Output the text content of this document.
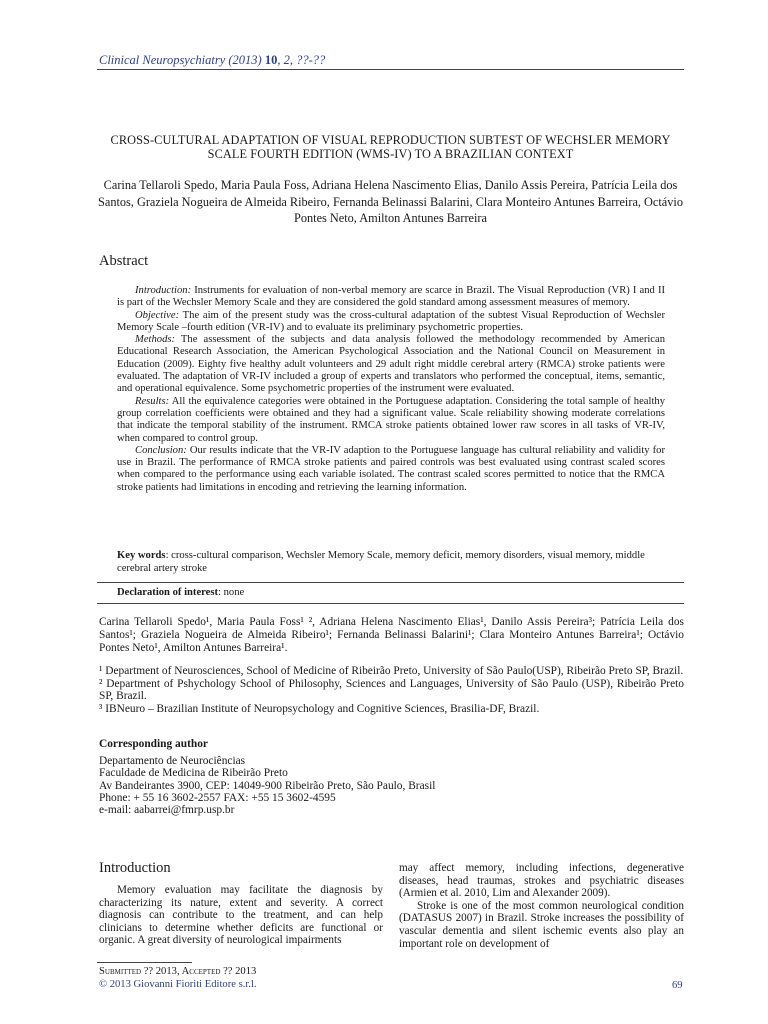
Clinical Neuropsychiatry (2013) 10, 2, ??-??
CROSS-CULTURAL ADAPTATION OF VISUAL REPRODUCTION SUBTEST OF WECHSLER MEMORY SCALE FOURTH EDITION (WMS-IV) TO A BRAZILIAN CONTEXT
Carina Tellaroli Spedo, Maria Paula Foss, Adriana Helena Nascimento Elias, Danilo Assis Pereira, Patrícia Leila dos Santos, Graziela Nogueira de Almeida Ribeiro, Fernanda Belinassi Balarini, Clara Monteiro Antunes Barreira, Octávio Pontes Neto, Amilton Antunes Barreira
Abstract

Introduction: Instruments for evaluation of non-verbal memory are scarce in Brazil. The Visual Reproduction (VR) I and II is part of the Wechsler Memory Scale and they are considered the gold standard among assessment measures of memory.

Objective: The aim of the present study was the cross-cultural adaptation of the subtest Visual Reproduction of Wechsler Memory Scale –fourth edition (VR-IV) and to evaluate its preliminary psychometric properties.

Methods: The assessment of the subjects and data analysis followed the methodology recommended by American Educational Research Association, the American Psychological Association and the National Council on Measurement in Education (2009). Eighty five healthy adult volunteers and 29 adult right middle cerebral artery (RMCA) stroke patients were evaluated. The adaptation of VR-IV included a group of experts and translators who performed the conceptual, items, semantic, and operational equivalence. Some psychometric properties of the instrument were evaluated.

Results: All the equivalence categories were obtained in the Portuguese adaptation. Considering the total sample of healthy group correlation coefficients were obtained and they had a significant value. Scale reliability showing moderate correlations that indicate the temporal stability of the instrument. RMCA stroke patients obtained lower raw scores in all tasks of VR-IV, when compared to control group.

Conclusion: Our results indicate that the VR-IV adaption to the Portuguese language has cultural reliability and validity for use in Brazil. The performance of RMCA stroke patients and paired controls was best evaluated using contrast scaled scores when compared to the performance using each variable isolated. The contrast scaled scores permitted to notice that the RMCA stroke patients had limitations in encoding and retrieving the learning information.

Key words: cross-cultural comparison, Wechsler Memory Scale, memory deficit, memory disorders, visual memory, middle cerebral artery stroke
Declaration of interest: none
Carina Tellaroli Spedo¹, Maria Paula Foss¹ ², Adriana Helena Nascimento Elias¹, Danilo Assis Pereira³; Patrícia Leila dos Santos¹; Graziela Nogueira de Almeida Ribeiro¹; Fernanda Belinassi Balarini¹; Clara Monteiro Antunes Barreira¹; Octávio Pontes Neto¹, Amilton Antunes Barreira¹.
¹ Department of Neurosciences, School of Medicine of Ribeirão Preto, University of São Paulo(USP), Ribeirão Preto SP, Brazil.
² Department of Pshychology School of Philosophy, Sciences and Languages, University of São Paulo (USP), Ribeirão Preto SP, Brazil.
³ IBNeuro – Brazilian Institute of Neuropsychology and Cognitive Sciences, Brasilia-DF, Brazil.
Corresponding author
Departamento de Neurociências
Faculdade de Medicina de Ribeirão Preto
Av Bandeirantes 3900, CEP: 14049-900 Ribeirão Preto, São Paulo, Brasil
Phone: + 55 16 3602-2557 FAX: +55 15 3602-4595
e-mail: aabarrei@fmrp.usp.br
Introduction

Memory evaluation may facilitate the diagnosis by characterizing its nature, extent and severity. A correct diagnosis can contribute to the treatment, and can help clinicians to determine whether deficits are functional or organic. A great diversity of neurological impairments

may affect memory, including infections, degenerative diseases, head traumas, strokes and psychiatric diseases (Armien et al. 2010, Lim and Alexander 2009).

Stroke is one of the most common neurological condition (DATASUS 2007) in Brazil. Stroke increases the possibility of vascular dementia and silent ischemic events also play an important role on development of

Submitted ?? 2013, Accepted ?? 2013
© 2013 Giovanni Fioriti Editore s.r.l.	69
